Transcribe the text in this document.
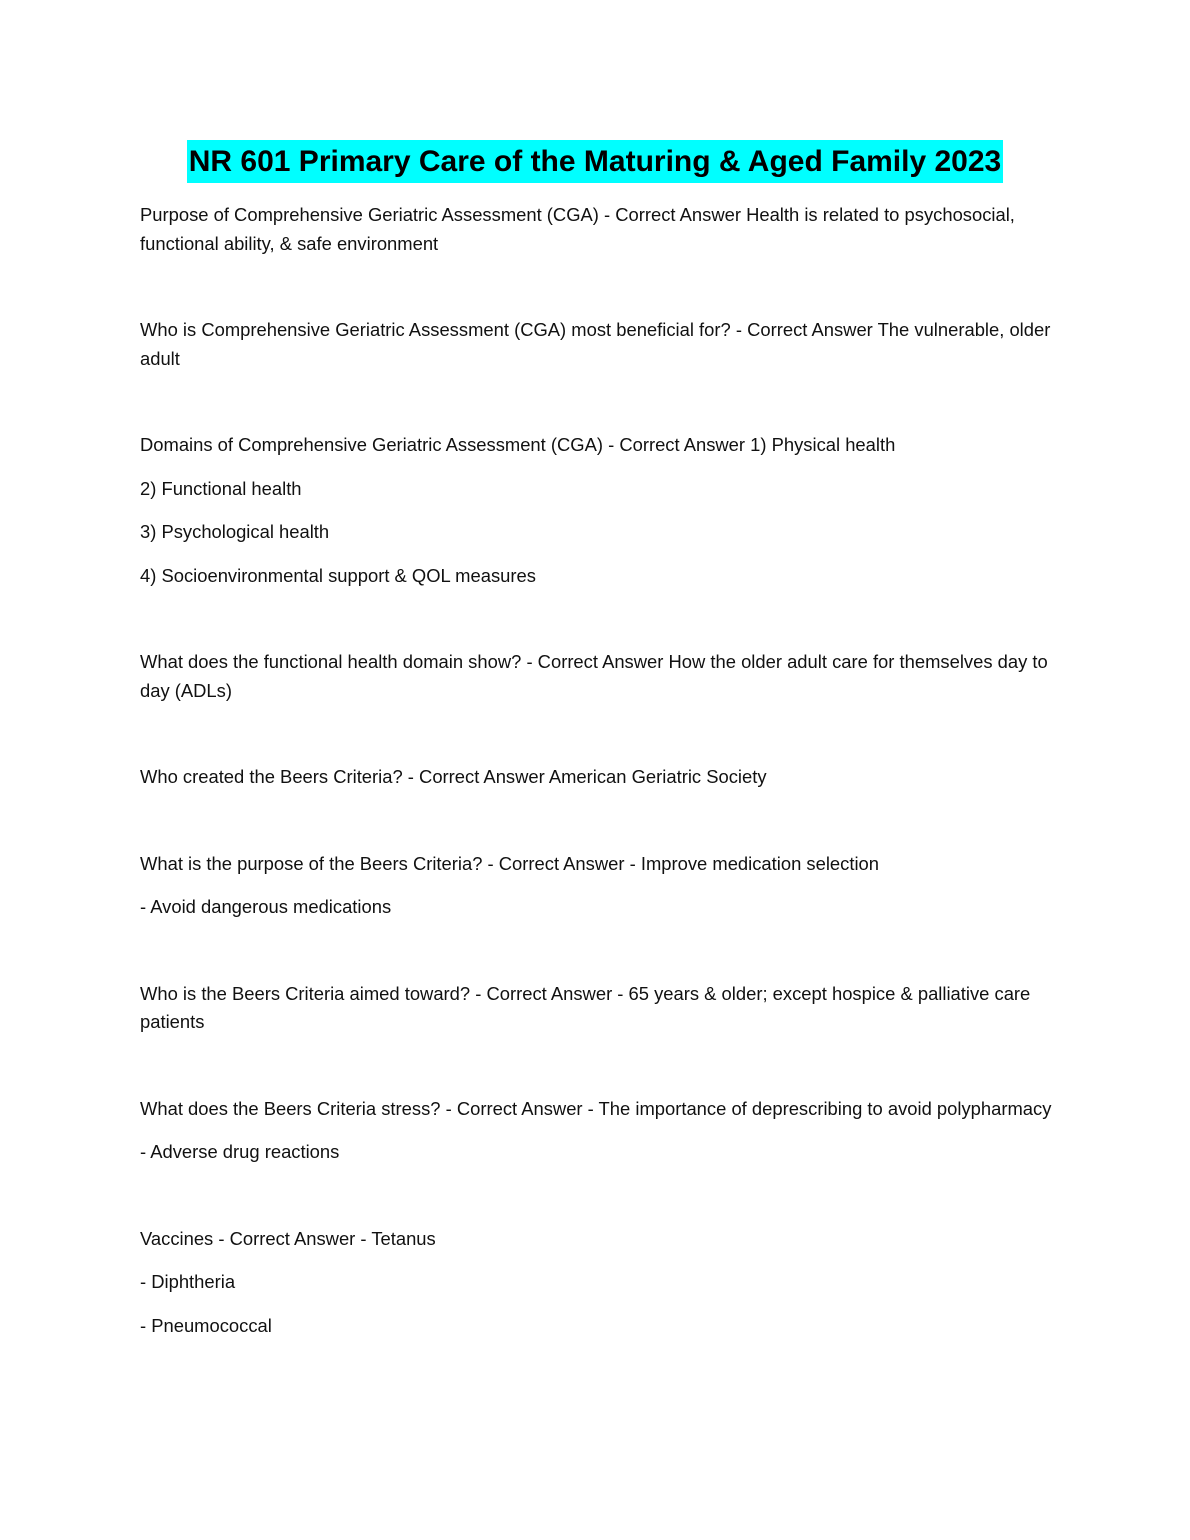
NR 601 Primary Care of the Maturing & Aged Family 2023

Purpose of Comprehensive Geriatric Assessment (CGA) - Correct Answer Health is related to psychosocial, functional ability, & safe environment

Who is Comprehensive Geriatric Assessment (CGA) most beneficial for? - Correct Answer The vulnerable, older adult

Domains of Comprehensive Geriatric Assessment (CGA) - Correct Answer 1) Physical health

2) Functional health

3) Psychological health

4) Socioenvironmental support & QOL measures

What does the functional health domain show? - Correct Answer How the older adult care for themselves day to day (ADLs)

Who created the Beers Criteria? - Correct Answer American Geriatric Society

What is the purpose of the Beers Criteria? - Correct Answer - Improve medication selection

- Avoid dangerous medications

Who is the Beers Criteria aimed toward? - Correct Answer - 65 years & older; except hospice & palliative care patients

What does the Beers Criteria stress? - Correct Answer - The importance of deprescribing to avoid polypharmacy

- Adverse drug reactions

Vaccines - Correct Answer - Tetanus

- Diphtheria

- Pneumococcal
